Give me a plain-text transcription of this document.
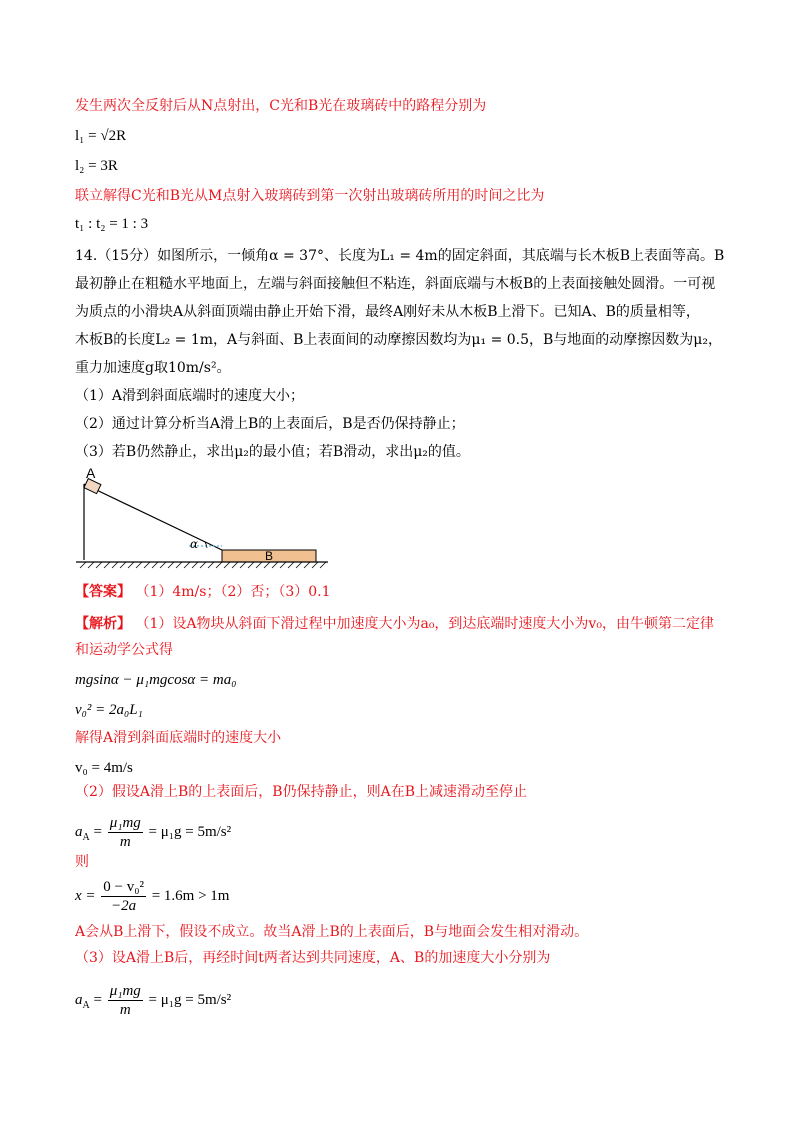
发生两次全反射后从N点射出，C光和B光在玻璃砖中的路程分别为
l₁ = √2R
l₂ = 3R
联立解得C光和B光从M点射入玻璃砖到第一次射出玻璃砖所用的时间之比为
t₁ : t₂ = 1 : 3
14.（15分）如图所示，一倾角α = 37°、长度为L₁ = 4m的固定斜面，其底端与长木板B上表面等高。B
最初静止在粗糙水平地面上，左端与斜面接触但不粘连，斜面底端与木板B的上表面接触处圆滑。一可视
为质点的小滑块A从斜面顶端由静止开始下滑，最终A刚好未从木板B上滑下。已知A、B的质量相等，
木板B的长度L₂ = 1m，A与斜面、B上表面间的动摩擦因数均为μ₁ = 0.5，B与地面的动摩擦因数为μ₂，
重力加速度g取10m/s²。
（1）A滑到斜面底端时的速度大小；
（2）通过计算分析当A滑上B的上表面后，B是否仍保持静止；
（3）若B仍然静止，求出μ₂的最小值；若B滑动，求出μ₂的值。
A
B
α
【答案】 （1）4m/s；（2）否；（3）0.1
【解析】 （1）设A物块从斜面下滑过程中加速度大小为a₀，到达底端时速度大小为v₀，由牛顿第二定律
和运动学公式得
mgsinα − μ₁mgcosα = ma₀
v₀² = 2a₀L₁
解得A滑到斜面底端时的速度大小
v₀ = 4m/s
（2）假设A滑上B的上表面后，B仍保持静止，则A在B上减速滑动至停止
$a_A = \frac{\text{μ₁mg}}{m} = \mu_1g = 5m/s^2$
则
$x = \frac{\text{0 − v₀²}}{-2a} = 1.6m > 1m$
A会从B上滑下，假设不成立。故当A滑上B的上表面后，B与地面会发生相对滑动。
（3）设A滑上B后，再经时间t两者达到共同速度，A、B的加速度大小分别为
$a_A = \frac{\text{μ₁mg}}{m} = \mu_1g = 5m/s^2$
